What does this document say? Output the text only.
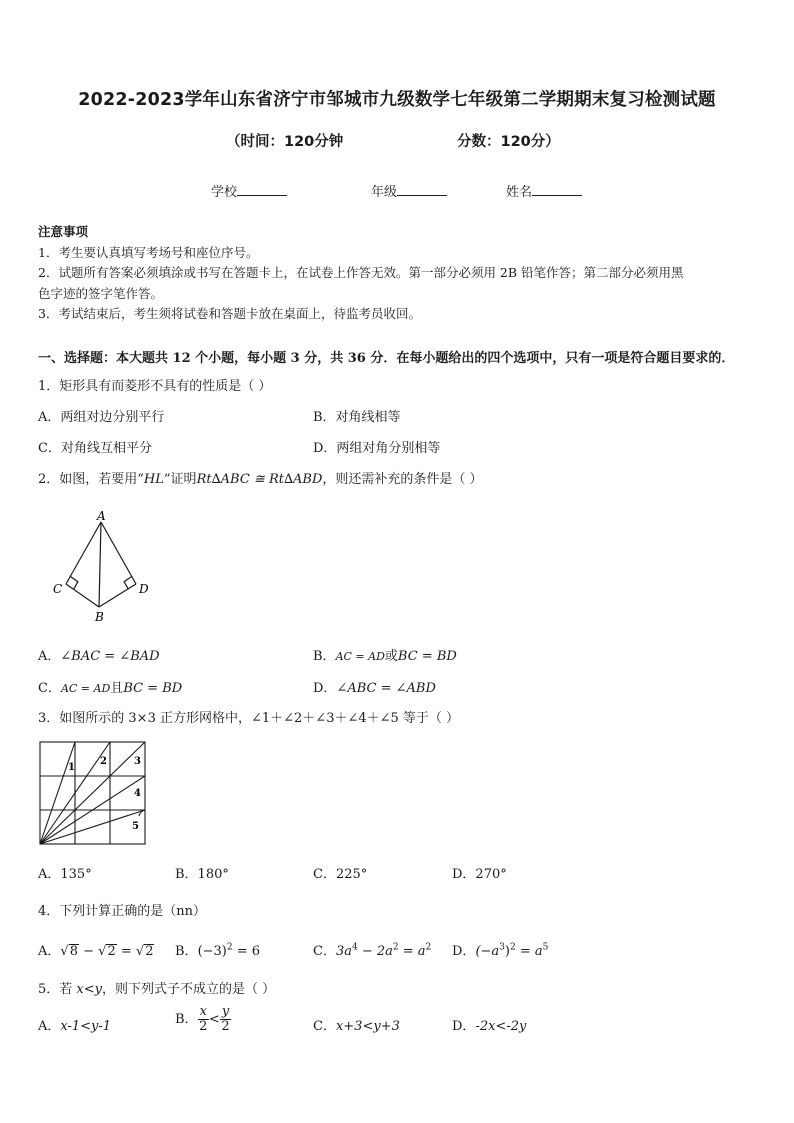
2022-2023学年山东省济宁市邹城市九级数学七年级第二学期期末复习检测试题
（时间：120分钟	分数：120分）
学校	年级	姓名
注意事项
1．考生要认真填写考场号和座位序号。
2．试题所有答案必须填涂或书写在答题卡上，在试卷上作答无效。第一部分必须用 2B 铅笔作答；第二部分必须用黑
色字迹的签字笔作答。
3．考试结束后，考生须将试卷和答题卡放在桌面上，待监考员收回。
一、选择题：本大题共 12 个小题，每小题 3 分，共 36 分．在每小题给出的四个选项中，只有一项是符合题目要求的．
1．矩形具有而菱形不具有的性质是（ ）
A．两组对边分别平行	B．对角线相等
C．对角线互相平分	D．两组对角分别相等
2．如图，若要用“HL”证明Rt∆ABC ≅ Rt∆ABD，则还需补充的条件是（ ）
A
C	D
B
A．∠BAC = ∠BAD	B．AC = AD或BC = BD
C．AC = AD且BC = BD	D．∠ABC = ∠ABD
3．如图所示的 3×3 正方形网格中，∠1＋∠2＋∠3＋∠4＋∠5 等于（ ）
1
2	3
4
5
A．135°	B．180°	C．225°	D．270°
4．下列计算正确的是（nn）
A．√8 − √2 = √2 B．$(-3)^2 = 6$	C．$3a^4 - 2a^2 = a^2$ D．$(-a^3)^2 = a^5$
5．若 x<y，则下列式子不成立的是（ ）
A．x-1<y-1	B． $\frac{x}{2} < \frac{y}{2}$	C．x+3<y+3	D．-2x<-2y
